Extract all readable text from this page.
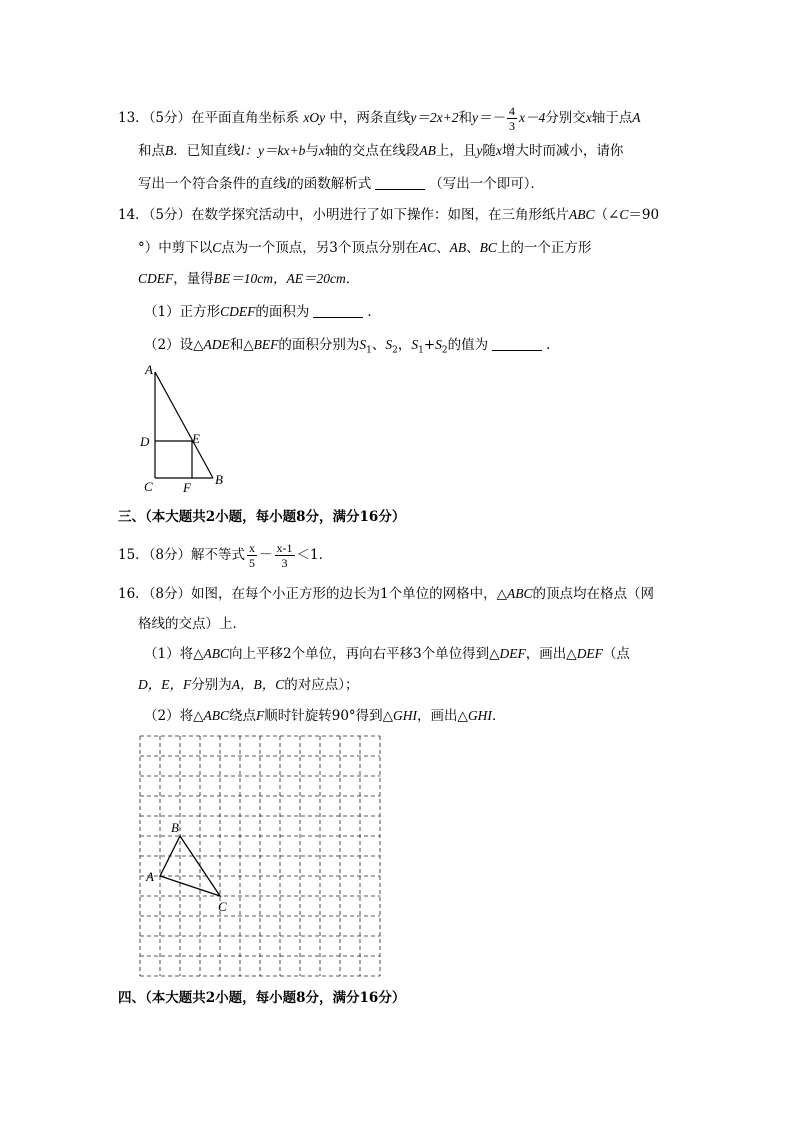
13．（5分）在平面直角坐标系 xOy 中，两条直线y＝2x+2和$y=- \frac{4}{3} x-4$分别交x轴于点A
和点B．已知直线l：y＝kx+b与x轴的交点在线段AB上，且y随x增大时而减小，请你
写出一个符合条件的直线l的函数解析式	（写出一个即可）．
14．（5分）在数学探究活动中，小明进行了如下操作：如图，在三角形纸片ABC（∠C＝90
°）中剪下以C点为一个顶点，另3个顶点分别在AC、AB、BC上的一个正方形
CDEF，量得BE＝10cm，AE＝20cm．
（1）正方形CDEF的面积为	．
（2）设△ADE和△BEF的面积分别为$S_1$、$S_2$，$S_1+S_2$的值为	．
A
D	E
C F
B
三、（本大题共2小题，每小题8分，满分16分）
15．（8分）解不等式 $\frac{x}{5} - \frac{x-1}{3} <1$．
16．（8分）如图，在每个小正方形的边长为1个单位的网格中，△ABC的顶点均在格点（网
格线的交点）上．
（1）将△ABC向上平移2个单位，再向右平移3个单位得到△DEF，画出△DEF（点
D，E，F分别为A，B，C的对应点）；
（2）将△ABC绕点F顺时针旋转90°得到△GHI，画出△GHI．
A
B
C
四、（本大题共2小题，每小题8分，满分16分）
